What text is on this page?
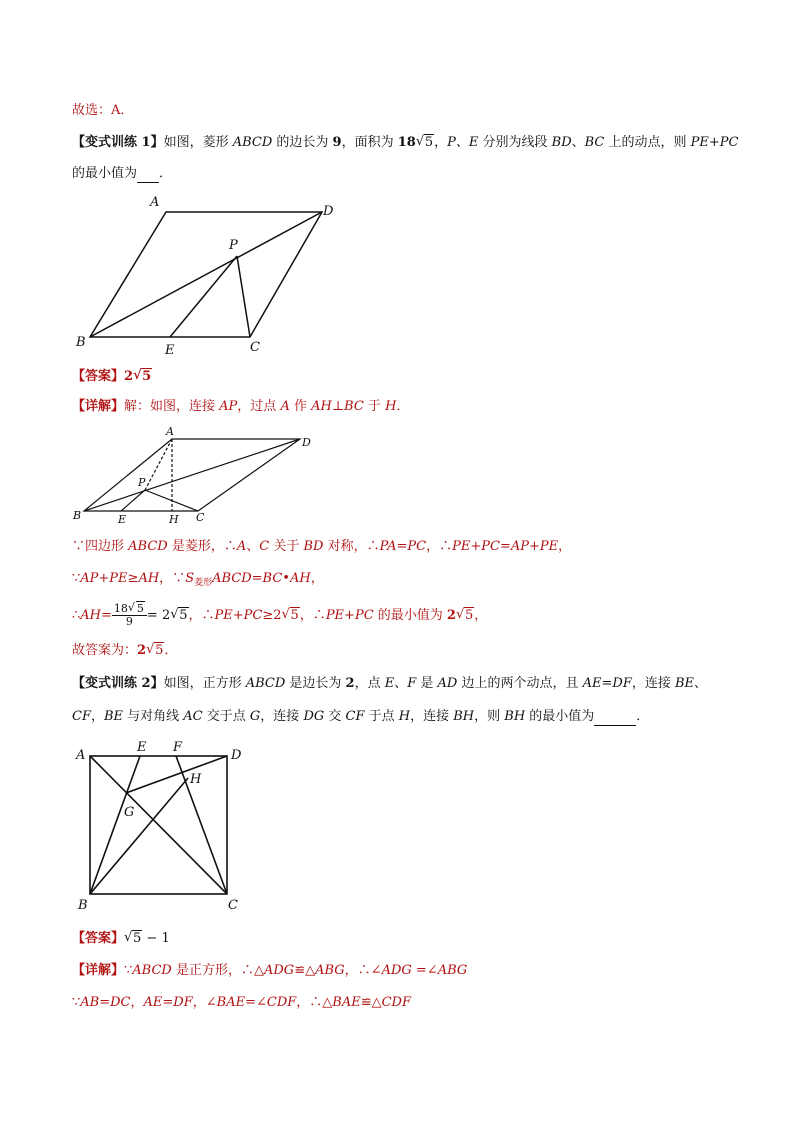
故选：A．
【变式训练 1】如图，菱形 ABCD 的边长为 9，面积为 18√ 5，P、E 分别为线段 BD、BC 上的动点，则 PE+PC
的最小值为 ．
A
D
P
B
E	C
【答案】2√ 5
【详解】解：如图，连接 AP，过点 A 作 AH⊥BC 于 H．
A
D
P
B	E	H C
∵四边形 ABCD 是菱形，∴A、C 关于 BD 对称，∴PA=PC，∴PE+PC=AP+PE，
∵AP+PE≥AH，$\because S_{菱形}ABCD=BC•AH$，
∴AH= $\frac{18√ 5}{9} = 2√$ 5，∴PE+PC≥2√ 5，∴PE+PC 的最小值为 2√ 5，
故答案为：2√ 5．
【变式训练 2】如图，正方形 ABCD 是边长为 2，点 E、F 是 AD 边上的两个动点，且 AE=DF，连接 BE、
CF，BE 与对角线 AC 交于点 G，连接 DG 交 CF 于点 H，连接 BH，则 BH 的最小值为	．
A
E F
D
H
G
B	C
【答案】√ 5 − 1
【详解】∵ABCD 是正方形，∴△ADG≌△ABG，∴∠ADG =∠ABG
∵AB=DC，AE=DF，∠BAE=∠CDF，∴△BAE≌△CDF
